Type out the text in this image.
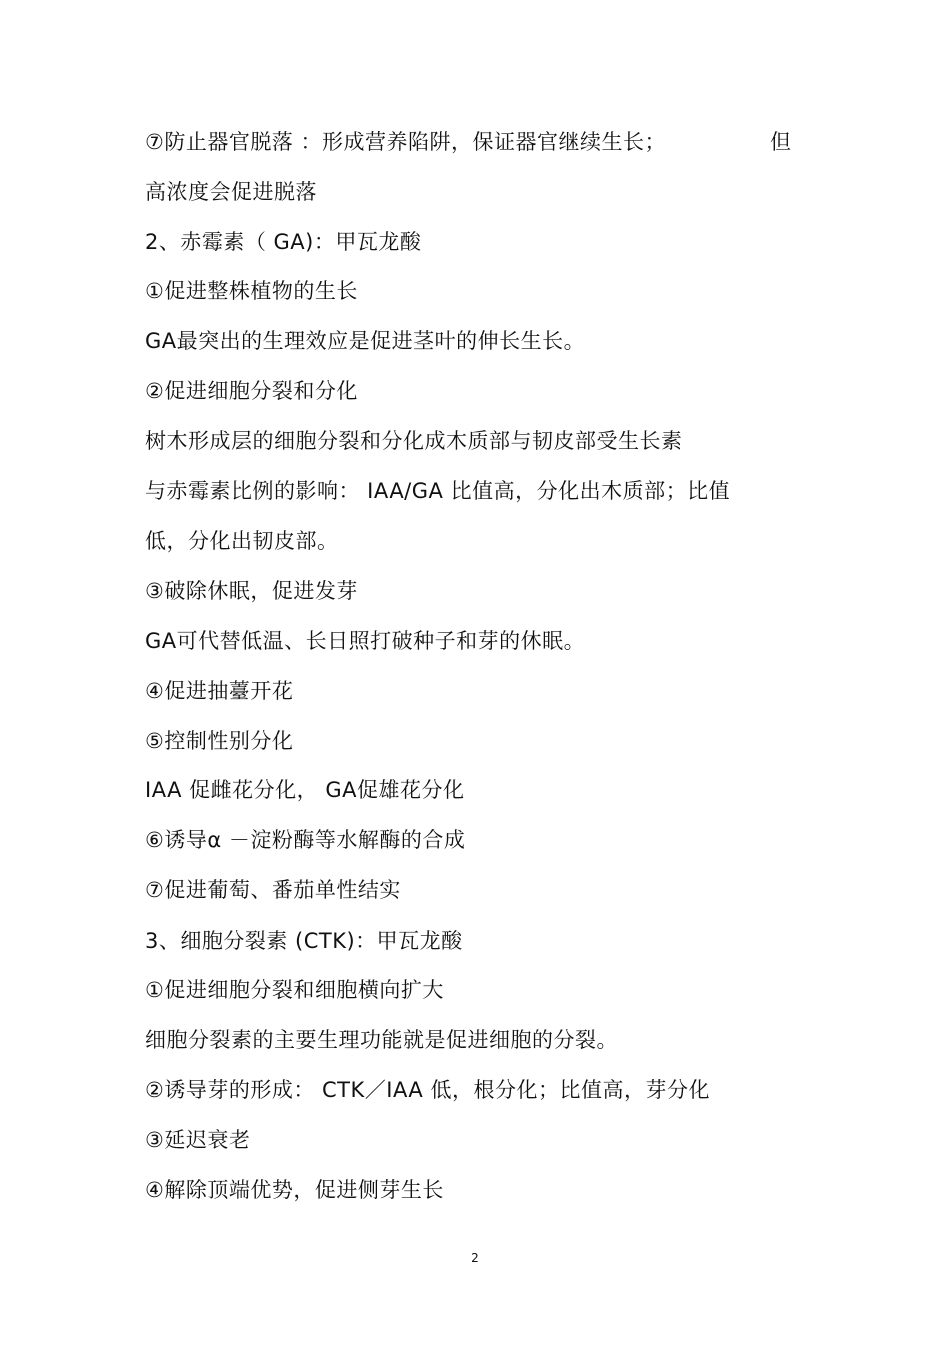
⑦防止器官脱落 ：形成营养陷阱，保证器官继续生长；	但
高浓度会促进脱落
2、赤霉素（ GA)：甲瓦龙酸
①促进整株植物的生长
GA最突出的生理效应是促进茎叶的伸长生长。
②促进细胞分裂和分化
树木形成层的细胞分裂和分化成木质部与韧皮部受生长素
与赤霉素比例的影响： IAA/GA 比值高，分化出木质部；比值
低，分化出韧皮部。
③破除休眠，促进发芽
GA可代替低温、长日照打破种子和芽的休眠。
④促进抽薹开花
⑤控制性别分化
IAA 促雌花分化， GA促雄花分化
⑥诱导α －淀粉酶等水解酶的合成
⑦促进葡萄、番茄单性结实
3、细胞分裂素 (CTK)：甲瓦龙酸
①促进细胞分裂和细胞横向扩大
细胞分裂素的主要生理功能就是促进细胞的分裂。
②诱导芽的形成： CTK／IAA 低，根分化；比值高，芽分化
③延迟衰老
④解除顶端优势，促进侧芽生长
2
